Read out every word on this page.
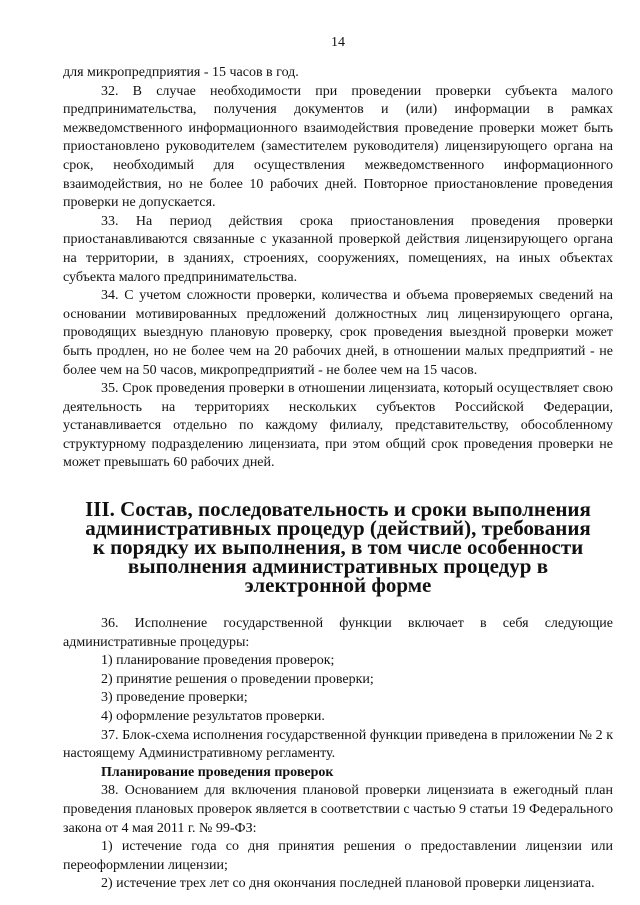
14

для микропредприятия - 15 часов в год.

32. В случае необходимости при проведении проверки субъекта малого предпринимательства, получения документов и (или) информации в рамках межведомственного информационного взаимодействия проведение проверки может быть приостановлено руководителем (заместителем руководителя) лицензирующего органа на срок, необходимый для осуществления межведомственного информационного взаимодействия, но не более 10 рабочих дней. Повторное приостановление проведения проверки не допускается.

33. На период действия срока приостановления проведения проверки приостанавливаются связанные с указанной проверкой действия лицензирующего органа на территории, в зданиях, строениях, сооружениях, помещениях, на иных объектах субъекта малого предпринимательства.

34. С учетом сложности проверки, количества и объема проверяемых сведений на основании мотивированных предложений должностных лиц лицензирующего органа, проводящих выездную плановую проверку, срок проведения выездной проверки может быть продлен, но не более чем на 20 рабочих дней, в отношении малых предприятий - не более чем на 50 часов, микропредприятий - не более чем на 15 часов.

35. Срок проведения проверки в отношении лицензиата, который осуществляет свою деятельность на территориях нескольких субъектов Российской Федерации, устанавливается отдельно по каждому филиалу, представительству, обособленному структурному подразделению лицензиата, при этом общий срок проведения проверки не может превышать 60 рабочих дней.

III. Состав, последовательность и сроки выполнения административных процедур (действий), требования к порядку их выполнения, в том числе особенности выполнения административных процедур в электронной форме

36. Исполнение государственной функции включает в себя следующие административные процедуры:

1) планирование проведения проверок;
2) принятие решения о проведении проверки;
3) проведение проверки;
4) оформление результатов проверки.

37. Блок-схема исполнения государственной функции приведена в приложении № 2 к настоящему Административному регламенту.

Планирование проведения проверок

38. Основанием для включения плановой проверки лицензиата в ежегодный план проведения плановых проверок является в соответствии с частью 9 статьи 19 Федерального закона от 4 мая 2011 г. № 99-ФЗ:

1) истечение года со дня принятия решения о предоставлении лицензии или переоформлении лицензии;

2) истечение трех лет со дня окончания последней плановой проверки лицензиата.
